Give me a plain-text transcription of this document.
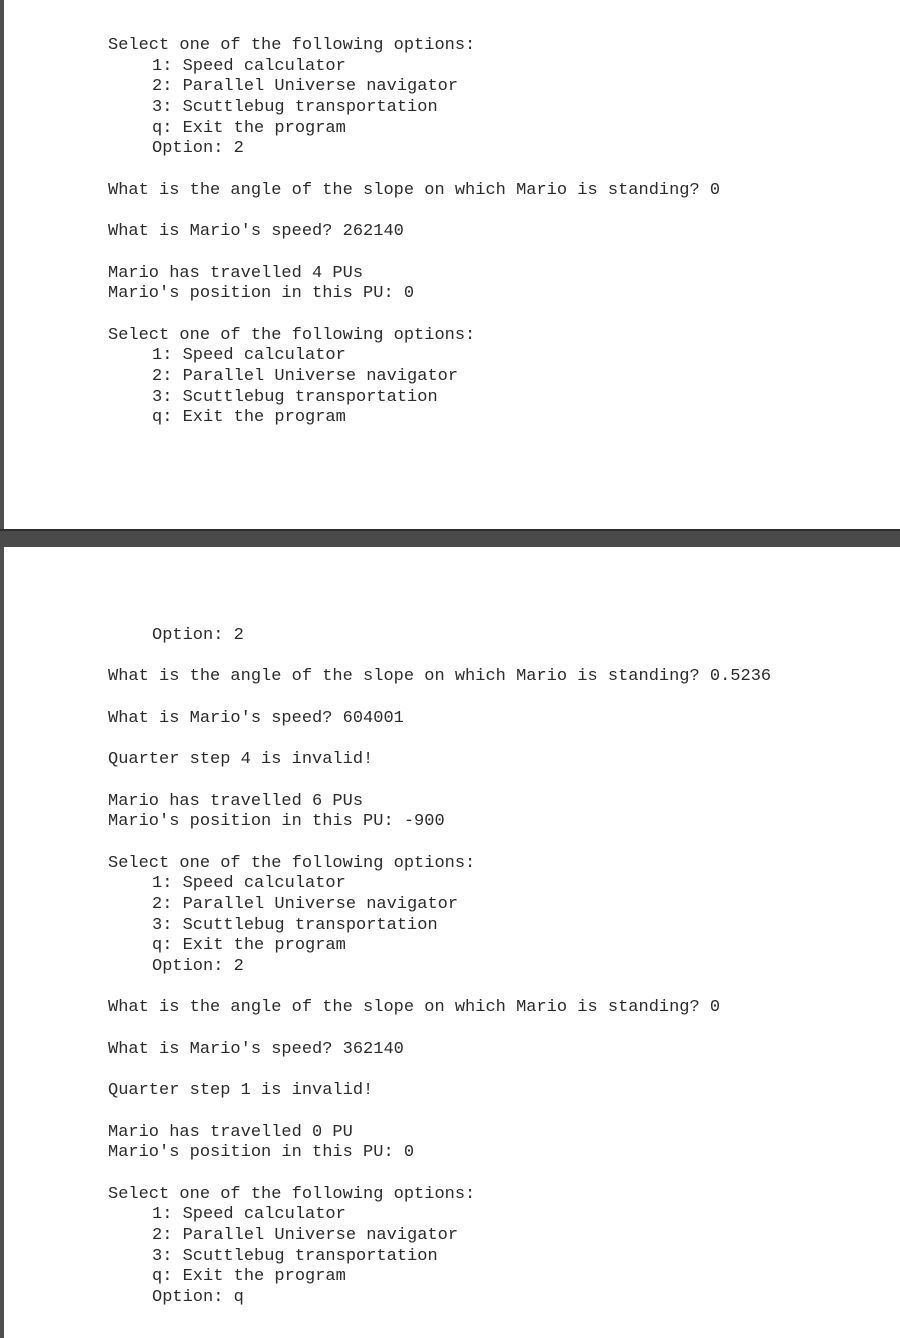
Select one of the following options:
1: Speed calculator
2: Parallel Universe navigator
3: Scuttlebug transportation
q: Exit the program
Option: 2
What is the angle of the slope on which Mario is standing? 0
What is Mario's speed? 262140
Mario has travelled 4 PUs
Mario's position in this PU: 0
Select one of the following options:
1: Speed calculator
2: Parallel Universe navigator
3: Scuttlebug transportation
q: Exit the program
Option: 2
What is the angle of the slope on which Mario is standing? 0.5236
What is Mario's speed? 604001
Quarter step 4 is invalid!
Mario has travelled 6 PUs
Mario's position in this PU: -900
Select one of the following options:
1: Speed calculator
2: Parallel Universe navigator
3: Scuttlebug transportation
q: Exit the program
Option: 2
What is the angle of the slope on which Mario is standing? 0
What is Mario's speed? 362140
Quarter step 1 is invalid!
Mario has travelled 0 PU
Mario's position in this PU: 0
Select one of the following options:
1: Speed calculator
2: Parallel Universe navigator
3: Scuttlebug transportation
q: Exit the program
Option: q
